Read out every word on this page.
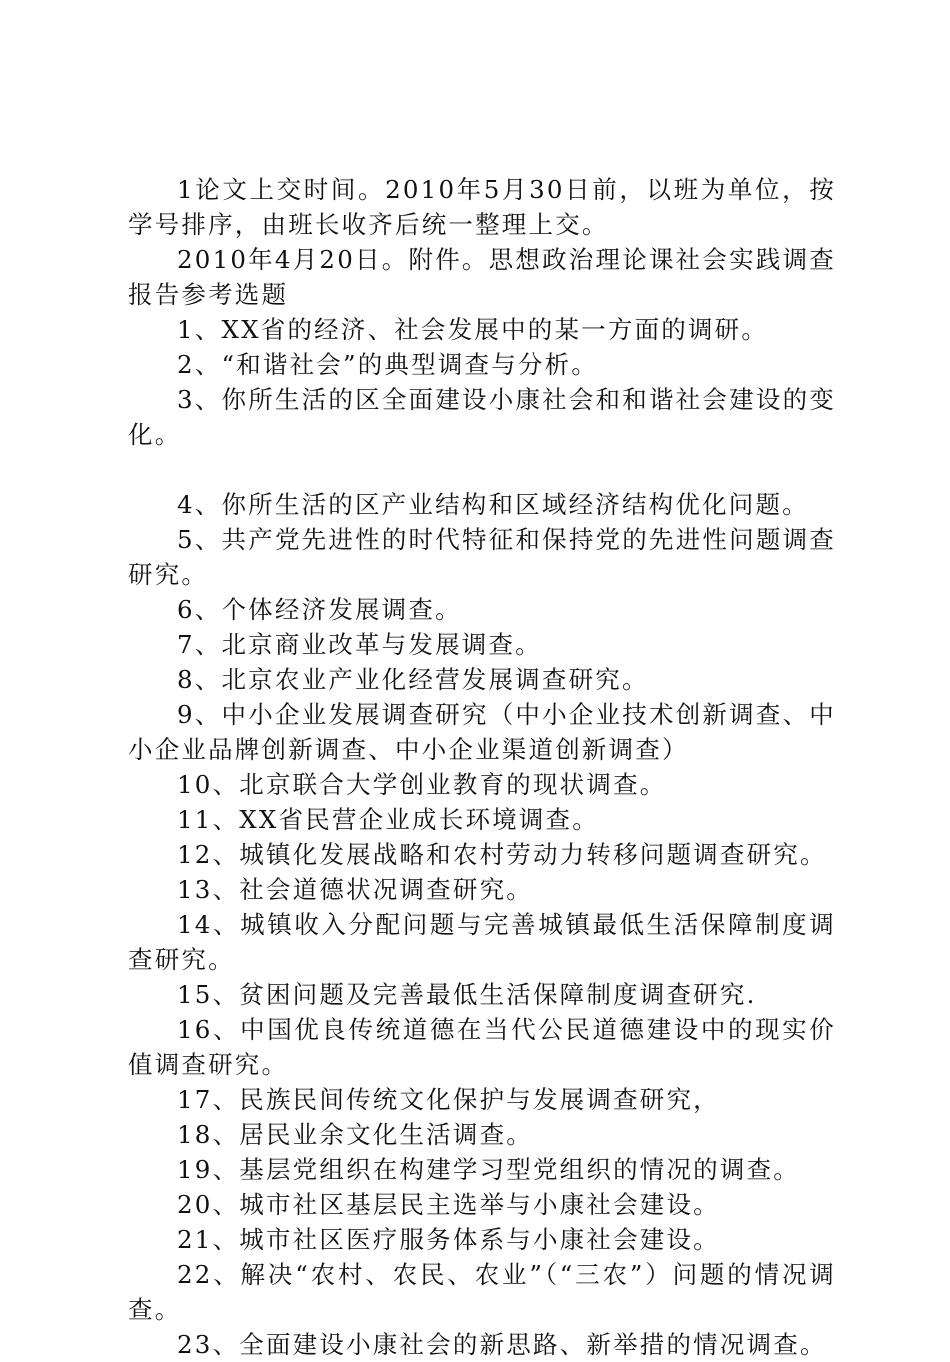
1论文上交时间。2010年5月30日前，以班为单位，按学号排序，由班长收齐后统一整理上交。

2010年4月20日。附件。思想政治理论课社会实践调查报告参考选题

1、XX省的经济、社会发展中的某一方面的调研。

2、“和谐社会”的典型调查与分析。

3、你所生活的区全面建设小康社会和和谐社会建设的变化。

4、你所生活的区产业结构和区域经济结构优化问题。

5、共产党先进性的时代特征和保持党的先进性问题调查研究。

6、个体经济发展调查。

7、北京商业改革与发展调查。

8、北京农业产业化经营发展调查研究。

9、中小企业发展调查研究（中小企业技术创新调查、中小企业品牌创新调查、中小企业渠道创新调查）

10、北京联合大学创业教育的现状调查。

11、XX省民营企业成长环境调查。

12、城镇化发展战略和农村劳动力转移问题调查研究。

13、社会道德状况调查研究。

14、城镇收入分配问题与完善城镇最低生活保障制度调查研究。

15、贫困问题及完善最低生活保障制度调查研究.

16、中国优良传统道德在当代公民道德建设中的现实价值调查研究。

17、民族民间传统文化保护与发展调查研究，

18、居民业余文化生活调查。

19、基层党组织在构建学习型党组织的情况的调查。

20、城市社区基层民主选举与小康社会建设。

21、城市社区医疗服务体系与小康社会建设。

22、解决“农村、农民、农业”（“三农”）问题的情况调查。

23、全面建设小康社会的新思路、新举措的情况调查。
